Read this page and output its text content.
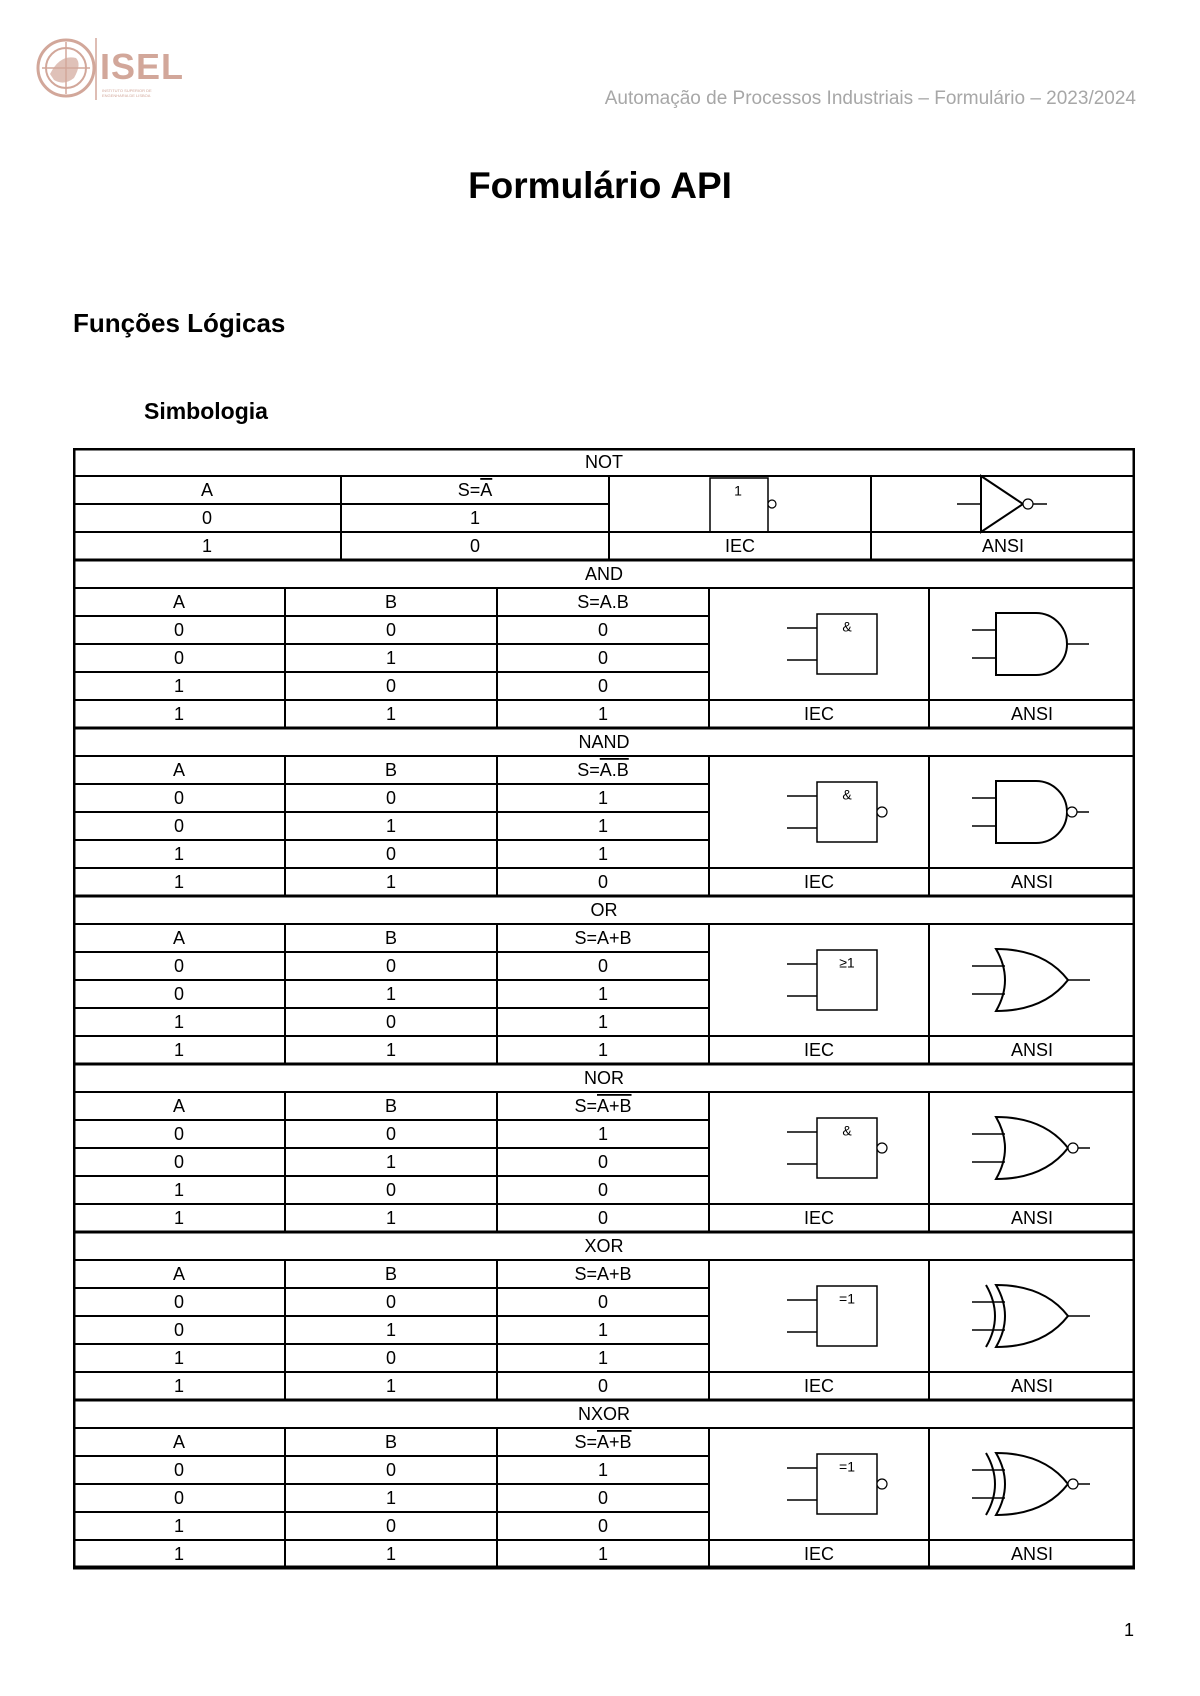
ISEL
INSTITUTO SUPERIOR DE ENGENHARIA DE LISBOA	Automação de Processos Industriais – Formulário – 2023/2024
Formulário API
Funções Lógicas
Simbologia
NOT
A	S=A
0	1
1	0	IEC	ANSI
1
AND
A	B	S=A.B
0	0	0
0	1	0
1	0	0
1	1	1	IEC	ANSI
&
NAND
A	B	S=A.B
0	0	1
0	1	1
1	0	1
1	1	0	IEC	ANSI
&
OR
A	B	S=A+B
0	0	0
0	1	1
1	0	1
1	1	1	IEC	ANSI
≥1
NOR
A	B	S=A+B
0	0	1
0	1	0
1	0	0
1	1	0	IEC	ANSI
&
XOR
A	B	S=A+B
0	0	0
0	1	1
1	0	1
1	1	0	IEC	ANSI
=1
NXOR
A	B	S=A+B
0	0	1
0	1	0
1	0	0
1	1	1	IEC	ANSI
=1
1
